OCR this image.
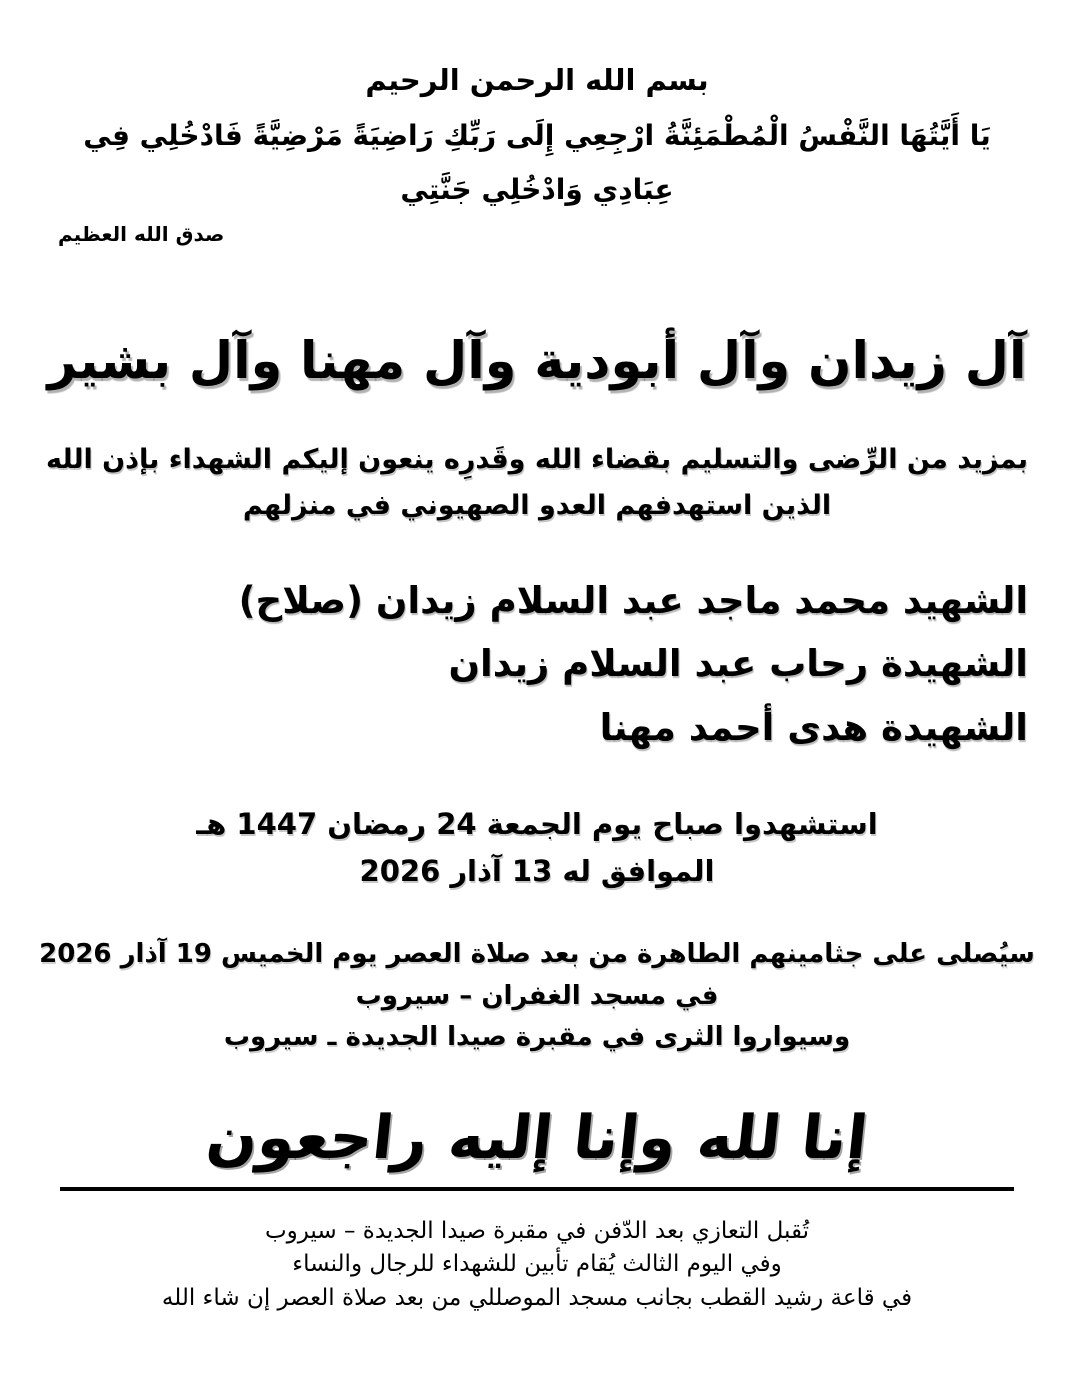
بسم الله الرحمن الرحيم
يَا أَيَّتُهَا النَّفْسُ الْمُطْمَئِنَّةُ ارْجِعِي إِلَى رَبِّكِ رَاضِيَةً مَرْضِيَّةً فَادْخُلِي فِي
عِبَادِي وَادْخُلِي جَنَّتِي
صدق الله العظيم
آل زيدان وآل أبودية وآل مهنا وآل بشير
بمزيد من الرِّضى والتسليم بقضاء الله وقَدرِه ينعون إليكم الشهداء بإذن الله
الذين استهدفهم العدو الصهيوني في منزلهم
الشهيد محمد ماجد عبد السلام زيدان (صلاح)
الشهيدة رحاب عبد السلام زيدان
الشهيدة هدى أحمد مهنا
استشهدوا صباح يوم الجمعة 24 رمضان 1447 هـ
الموافق له 13 آذار 2026
سيُصلى على جثامينهم الطاهرة من بعد صلاة العصر يوم الخميس 19 آذار 2026
في مسجد الغفران – سيروب
وسيواروا الثرى في مقبرة صيدا الجديدة ـ سيروب
إنا لله وإنا إليه راجعون
تُقبل التعازي بعد الدّفن في مقبرة صيدا الجديدة – سيروب
وفي اليوم الثالث يُقام تأبين للشهداء للرجال والنساء
في قاعة رشيد القطب بجانب مسجد الموصللي من بعد صلاة العصر إن شاء الله
